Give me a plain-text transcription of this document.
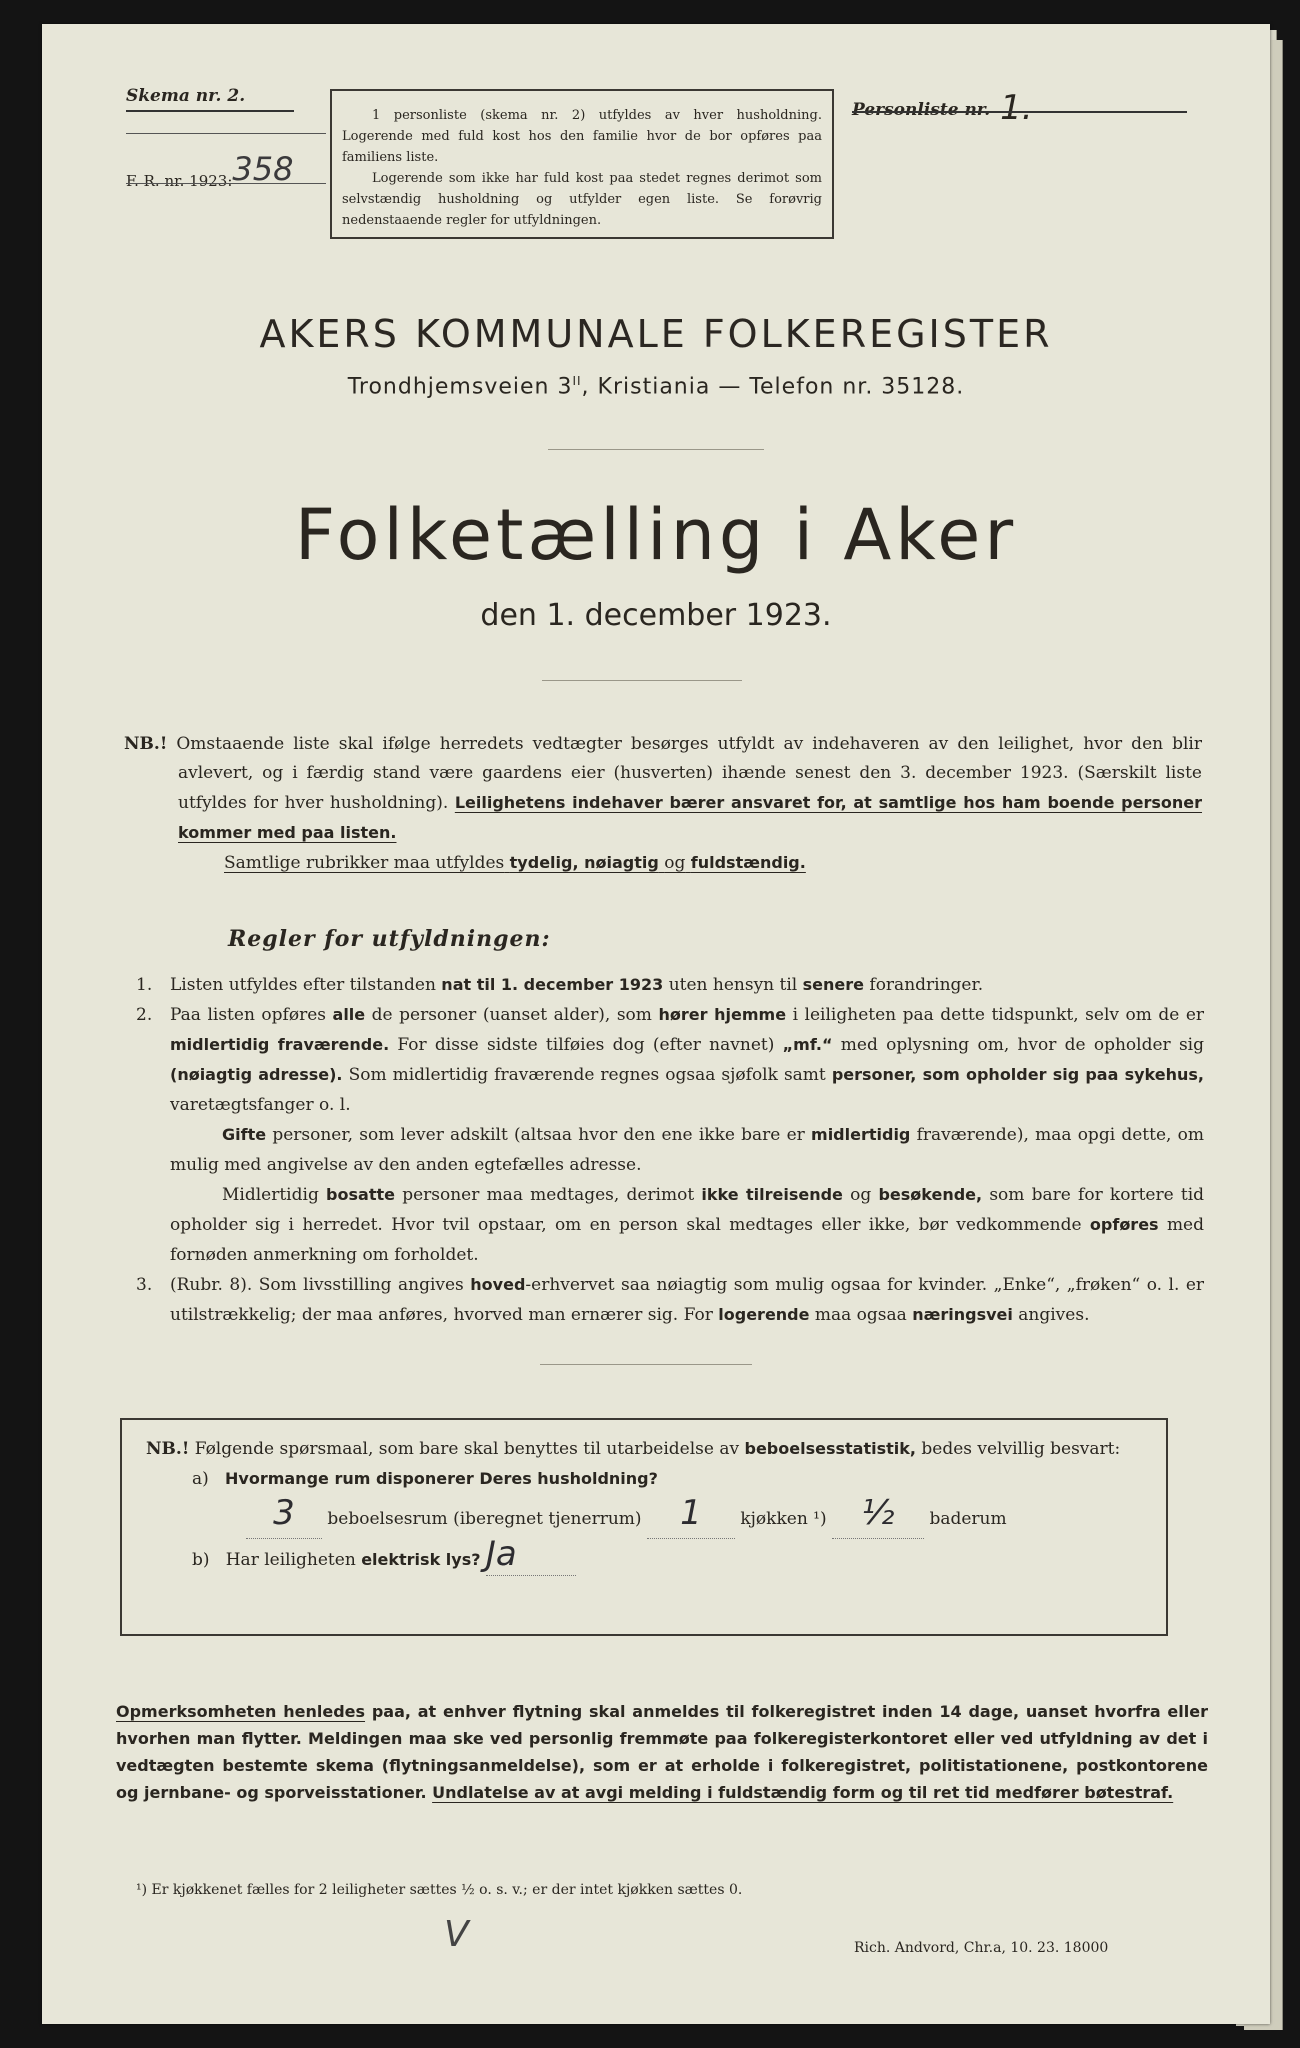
Skema nr. 2.
F. R. nr. 1923:358

1 personliste (skema nr. 2) utfyldes av hver husholdning. Logerende med fuld kost hos den familie hvor de bor opføres paa familiens liste.

Logerende som ikke har fuld kost paa stedet regnes derimot som selvstændig husholdning og utfylder egen liste. Se forøvrig nedenstaaende regler for utfyldningen.

Personliste nr. 1.
AKERS KOMMUNALE FOLKEREGISTER
Trondhjemsveien $3^{II}$, Kristiania — Telefon nr. 35128.
Folketælling i Aker
den 1. december 1923.

NB.! Omstaaende liste skal ifølge herredets vedtægter besørges utfyldt av indehaveren av den leilighet, hvor den blir avlevert, og i færdig stand være gaardens eier (husverten) ihænde senest den 3. december 1923. (Særskilt liste utfyldes for hver husholdning). Leilighetens indehaver bærer ansvaret for, at samtlige hos ham boende personer kommer med paa listen.

Samtlige rubrikker maa utfyldes tydelig, nøiagtig og fuldstændig.

Regler for utfyldningen:

1. Listen utfyldes efter tilstanden nat til 1. december 1923 uten hensyn til senere forandringer.

2. Paa listen opføres alle de personer (uanset alder), som hører hjemme i leiligheten paa dette tidspunkt, selv om de er midlertidig fraværende. For disse sidste tilføies dog (efter navnet) „mf.“ med oplysning om, hvor de opholder sig (nøiagtig adresse). Som midlertidig fraværende regnes ogsaa sjøfolk samt personer, som opholder sig paa sykehus, varetægtsfanger o. l.

Gifte personer, som lever adskilt (altsaa hvor den ene ikke bare er midlertidig fraværende), maa opgi dette, om mulig med angivelse av den anden egtefælles adresse.

Midlertidig bosatte personer maa medtages, derimot ikke tilreisende og besøkende, som bare for kortere tid opholder sig i herredet. Hvor tvil opstaar, om en person skal medtages eller ikke, bør vedkommende opføres med fornøden anmerkning om forholdet.

3. (Rubr. 8). Som livsstilling angives hoved-erhvervet saa nøiagtig som mulig ogsaa for kvinder. „Enke“, „frøken“ o. l. er utilstrækkelig; der maa anføres, hvorved man ernærer sig. For logerende maa ogsaa næringsvei angives.

NB.! Følgende spørsmaal, som bare skal benyttes til utarbeidelse av beboelsesstatistik, bedes velvillig besvart:

a) Hvormange rum disponerer Deres husholdning?

3 beboelsesrum (iberegnet tjenerrum) 1 kjøkken ¹) ½ baderum

b) Har leiligheten elektrisk lys? Ja

Opmerksomheten henledes paa, at enhver flytning skal anmeldes til folkeregistret inden 14 dage, uanset hvorfra eller hvorhen man flytter. Meldingen maa ske ved personlig fremmøte paa folkeregisterkontoret eller ved utfyldning av det i vedtægten bestemte skema (flytningsanmeldelse), som er at erholde i folkeregistret, politistationene, postkontorene og jernbane- og sporveisstationer. Undlatelse av at avgi melding i fuldstændig form og til ret tid medfører bøtestraf.
¹) Er kjøkkenet fælles for 2 leiligheter sættes ½ o. s. v.; er der intet kjøkken sættes 0.
V	Rich. Andvord, Chr.a, 10. 23. 18000
